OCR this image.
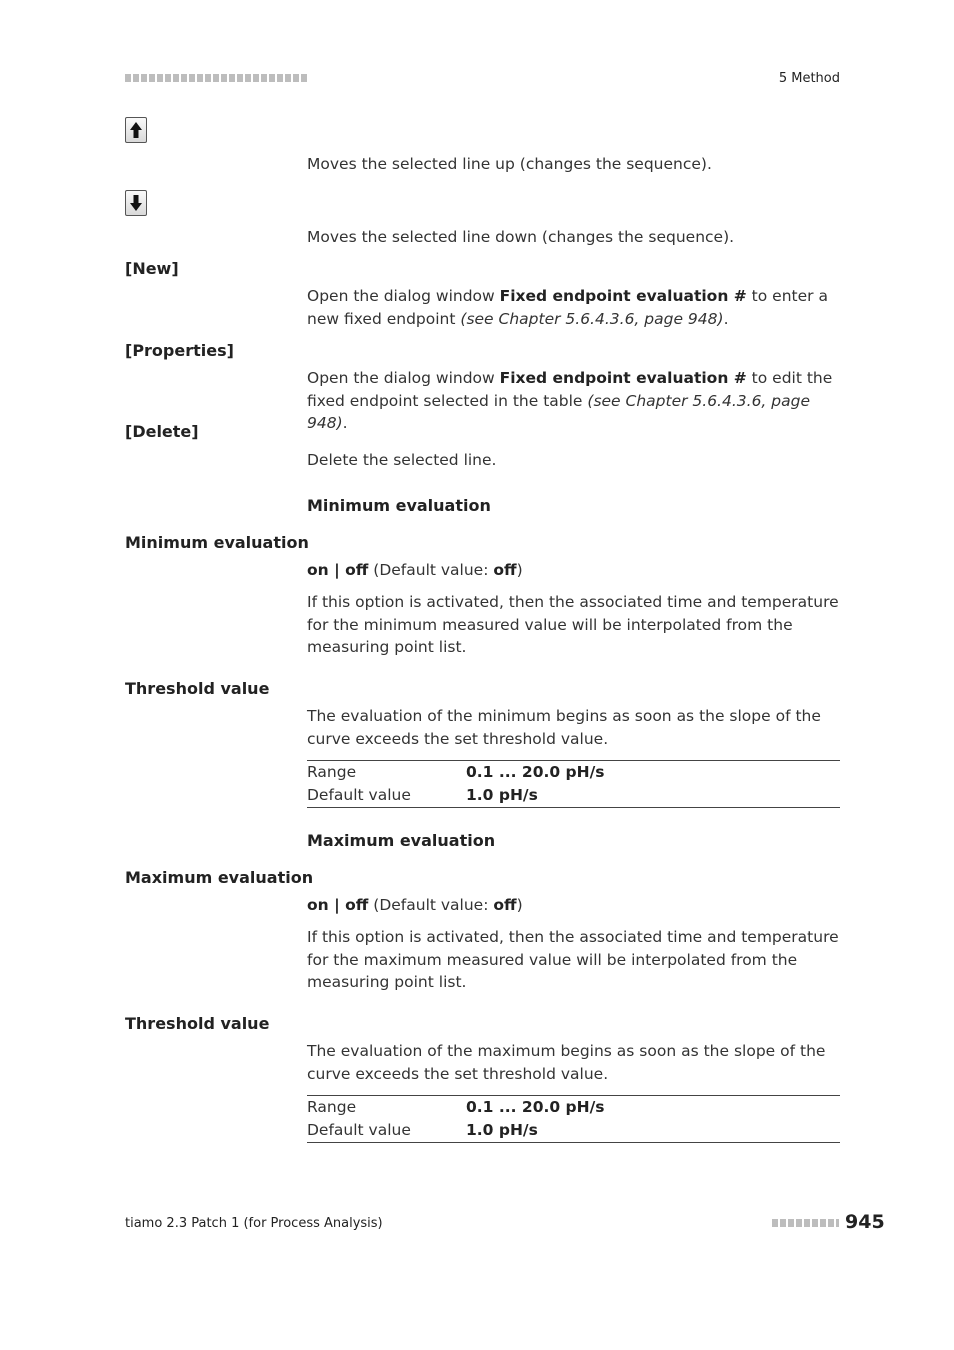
5 Method
Moves the selected line up (changes the sequence).
Moves the selected line down (changes the sequence).
[New]
Open the dialog window Fixed endpoint evaluation # to enter a new fixed endpoint (see Chapter 5.6.4.3.6, page 948).
[Properties]
Open the dialog window Fixed endpoint evaluation # to edit the fixed endpoint selected in the table (see Chapter 5.6.4.3.6, page 948).
[Delete]
Delete the selected line.
Minimum evaluation
Minimum evaluation
on | off (Default value: off)
If this option is activated, then the associated time and temperature for the minimum measured value will be interpolated from the measuring point list.
Threshold value
The evaluation of the minimum begins as soon as the slope of the curve exceeds the set threshold value.
Range	0.1 ... 20.0 pH/s
Default value	1.0 pH/s
Maximum evaluation
Maximum evaluation
on | off (Default value: off)
If this option is activated, then the associated time and temperature for the maximum measured value will be interpolated from the measuring point list.
Threshold value
The evaluation of the maximum begins as soon as the slope of the curve exceeds the set threshold value.
Range	0.1 ... 20.0 pH/s
Default value	1.0 pH/s
tiamo 2.3 Patch 1 (for Process Analysis)	945
